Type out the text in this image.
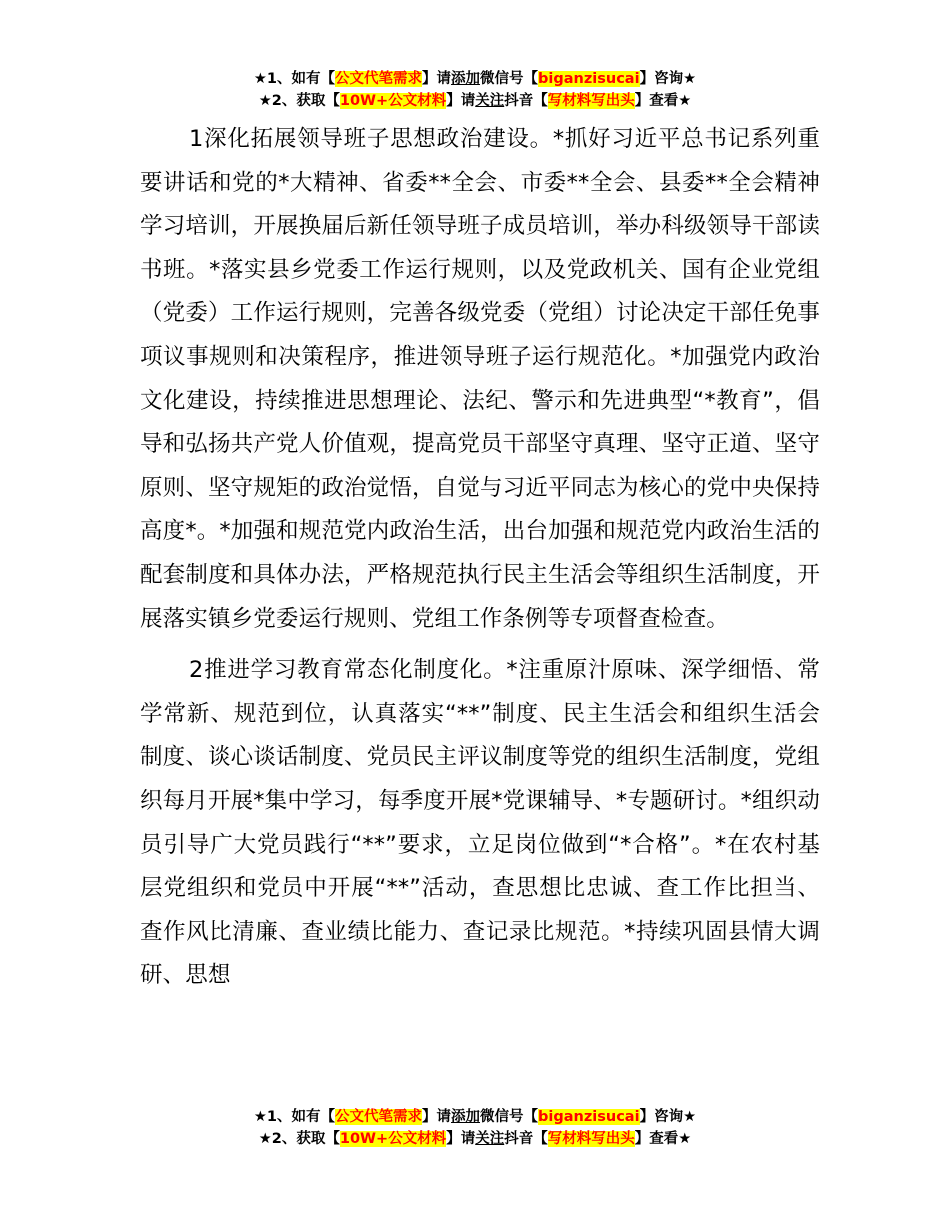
★1、如有【公文代笔需求】请添加微信号【biganzisucai】咨询★
★2、获取【10W+公文材料】请关注抖音【写材料写出头】查看★

1深化拓展领导班子思想政治建设。*抓好习近平总书记系列重要讲话和党的*大精神、省委**全会、市委**全会、县委**全会精神学习培训，开展换届后新任领导班子成员培训，举办科级领导干部读书班。*落实县乡党委工作运行规则，以及党政机关、国有企业党组（党委）工作运行规则，完善各级党委（党组）讨论决定干部任免事项议事规则和决策程序，推进领导班子运行规范化。*加强党内政治文化建设，持续推进思想理论、法纪、警示和先进典型“*教育”，倡导和弘扬共产党人价值观，提高党员干部坚守真理、坚守正道、坚守原则、坚守规矩的政治觉悟，自觉与习近平同志为核心的党中央保持高度*。*加强和规范党内政治生活，出台加强和规范党内政治生活的配套制度和具体办法，严格规范执行民主生活会等组织生活制度，开展落实镇乡党委运行规则、党组工作条例等专项督查检查。

2推进学习教育常态化制度化。*注重原汁原味、深学细悟、常学常新、规范到位，认真落实“**”制度、民主生活会和组织生活会制度、谈心谈话制度、党员民主评议制度等党的组织生活制度，党组织每月开展*集中学习，每季度开展*党课辅导、*专题研讨。*组织动员引导广大党员践行“**”要求，立足岗位做到“*合格”。*在农村基层党组织和党员中开展“**”活动，查思想比忠诚、查工作比担当、查作风比清廉、查业绩比能力、查记录比规范。*持续巩固县情大调研、思想

★1、如有【公文代笔需求】请添加微信号【biganzisucai】咨询★
★2、获取【10W+公文材料】请关注抖音【写材料写出头】查看★
